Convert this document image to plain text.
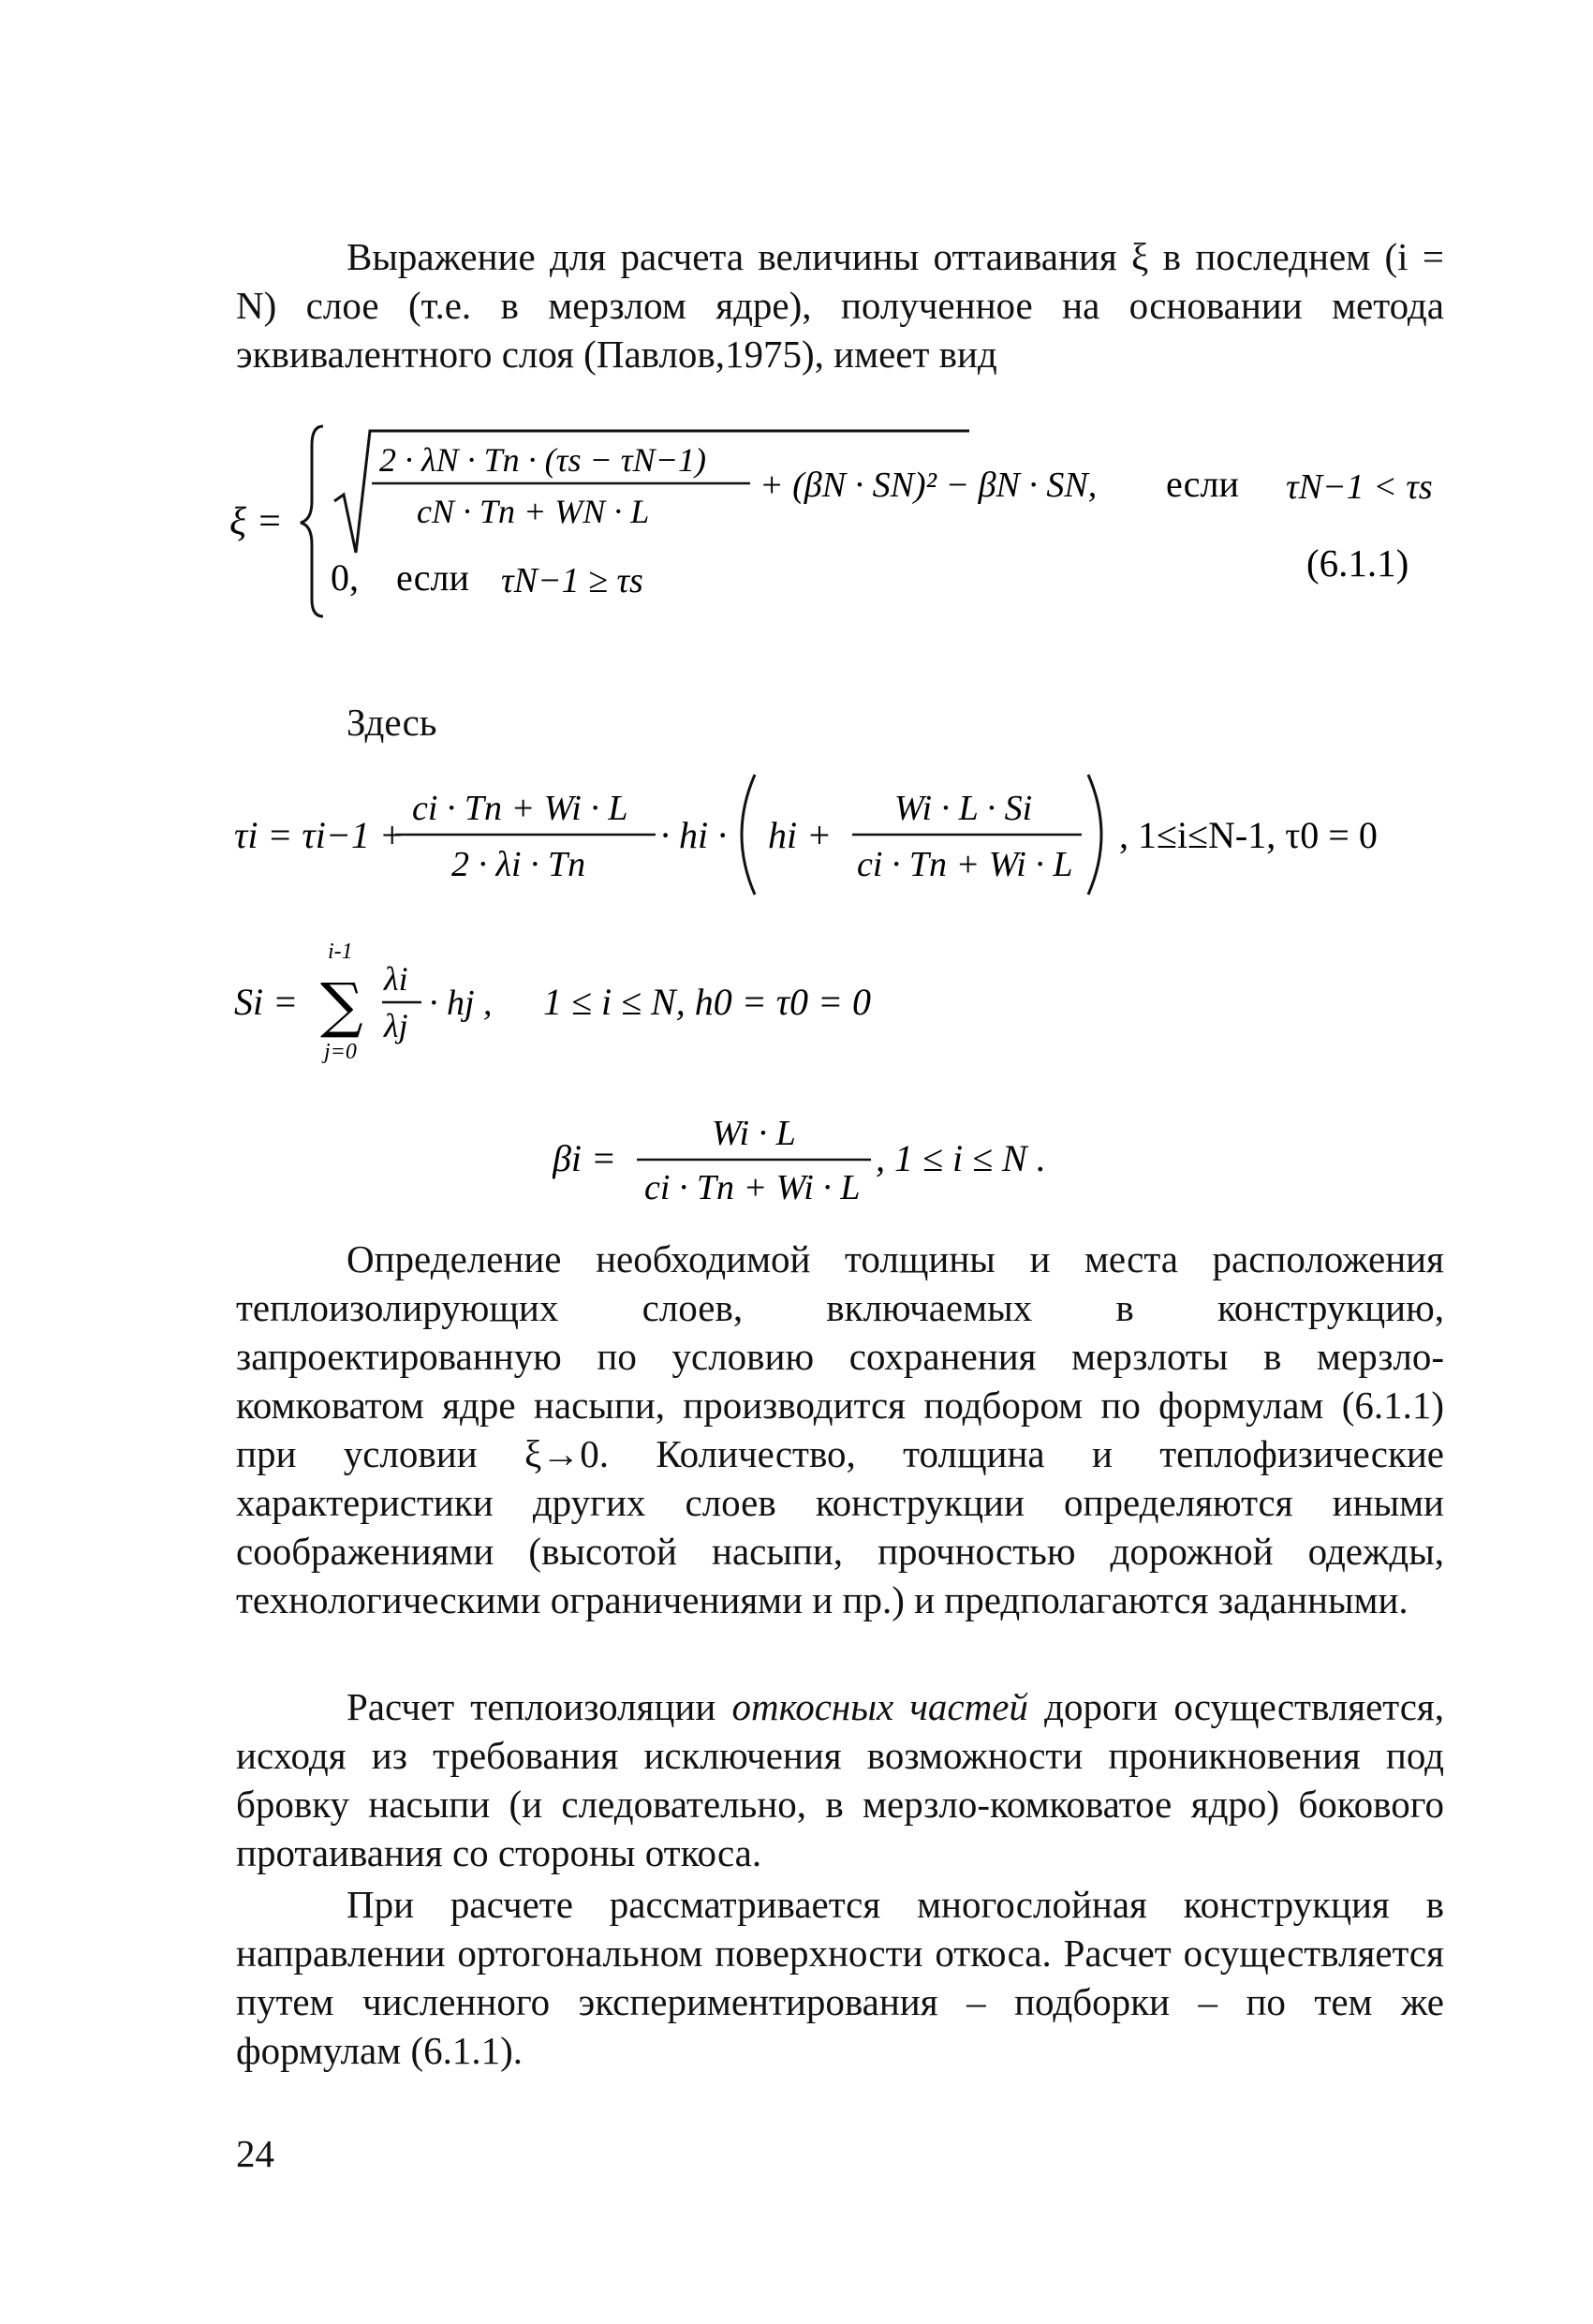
Выражение для расчета величины оттаивания ξ в последнем (i = N) слое (т.е. в мерзлом ядре), полученное на основании метода эквивалентного слоя (Павлов,1975), имеет вид

ξ =
2 · λN · Tn · (τs − τN−1)
cN · Tn + WN · L
+ (βN · SN)² − βN · SN, если τN−1 < τs
0, если τN−1 ≥ τs	(6.1.1)

Здесь

τi = τi−1 +
ci · Tn + Wi · L
2 · λi · Tn
· hi · hi +
Wi · L · Si
ci · Tn + Wi · L
, 1≤i≤N-1, τ0 = 0
Si =
i-1
∑
j=0
λi
λj
· hj , 1 ≤ i ≤ N, h0 = τ0 = 0
βi =
Wi · L
ci · Tn + Wi · L
, 1 ≤ i ≤ N .

Определение необходимой толщины и места расположения теплоизолирующих слоев, включаемых в конструкцию, запроектированную по условию сохранения мерзлоты в мерзло-комковатом ядре насыпи, производится подбором по формулам (6.1.1) при условии ξ→0. Количество, толщина и теплофизические характеристики других слоев конструкции определяются иными соображениями (высотой насыпи, прочностью дорожной одежды, технологическими ограничениями и пр.) и предполагаются заданными.

Расчет теплоизоляции откосных частей дороги осуществляется, исходя из требования исключения возможности проникновения под бровку насыпи (и следовательно, в мерзло-комковатое ядро) бокового протаивания со стороны откоса.

При расчете рассматривается многослойная конструкция в направлении ортогональном поверхности откоса. Расчет осуществляется путем численного экспериментирования – подборки – по тем же формулам (6.1.1).

24
